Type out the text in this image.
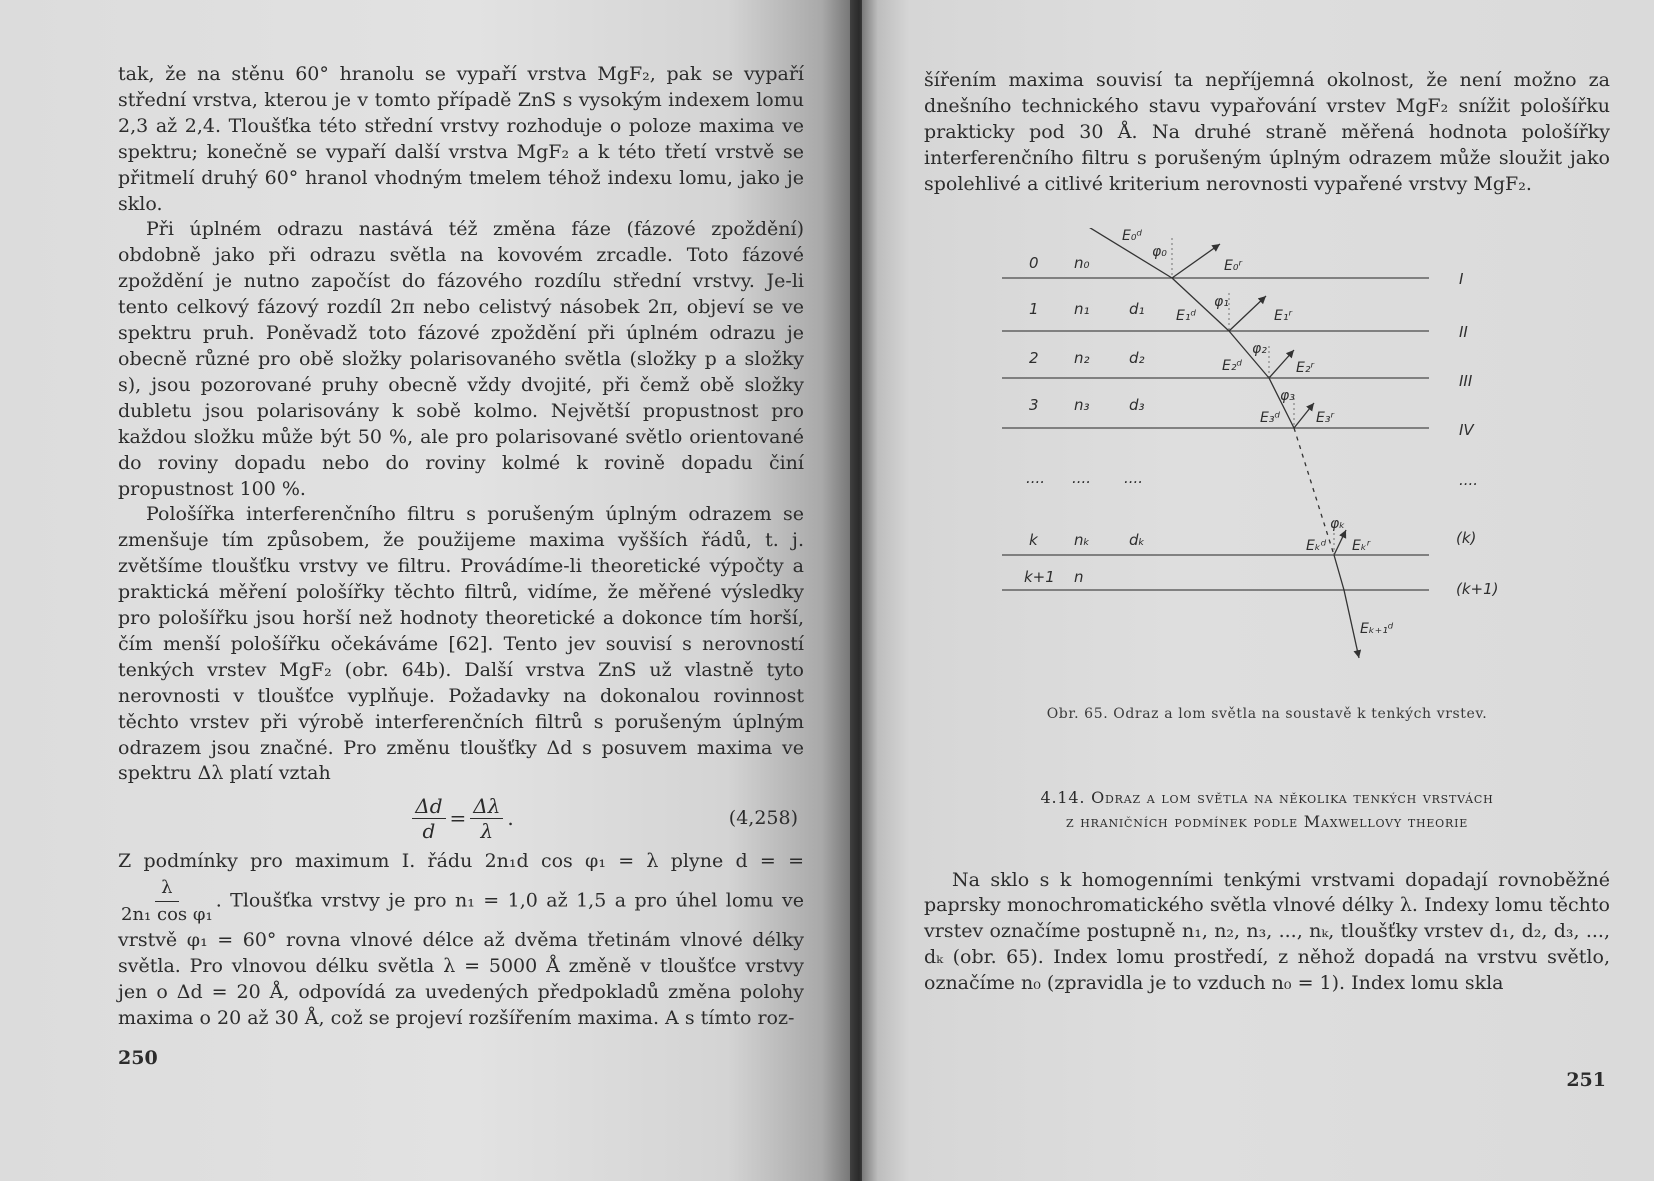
tak, že na stěnu 60° hranolu se vypaří vrstva MgF₂, pak se vypaří střední vrstva, kterou je v tomto případě ZnS s vysokým indexem lomu 2,3 až 2,4. Tloušťka této střední vrstvy rozhoduje o poloze maxima ve spektru; konečně se vypaří další vrstva MgF₂ a k této třetí vrstvě se přitmelí druhý 60° hranol vhodným tmelem téhož indexu lomu, jako je sklo.

Při úplném odrazu nastává též změna fáze (fázové zpoždění) obdobně jako při odrazu světla na kovovém zrcadle. Toto fázové zpoždění je nutno započíst do fázového rozdílu střední vrstvy. Je-li tento celkový fázový rozdíl 2π nebo celistvý násobek 2π, objeví se ve spektru pruh. Poněvadž toto fázové zpoždění při úplném odrazu je obecně různé pro obě složky polarisovaného světla (složky p a složky s), jsou pozorované pruhy obecně vždy dvojité, při čemž obě složky dubletu jsou polarisovány k sobě kolmo. Největší propustnost pro každou složku může být 50 %, ale pro polarisované světlo orientované do roviny dopadu nebo do roviny kolmé k rovině dopadu činí propustnost 100 %.

Pološířka interferenčního filtru s porušeným úplným odrazem se zmenšuje tím způsobem, že použijeme maxima vyšších řádů, t. j. zvětšíme tloušťku vrstvy ve filtru. Provádíme-li theoretické výpočty a praktická měření pološířky těchto filtrů, vidíme, že měřené výsledky pro pološířku jsou horší než hodnoty theoretické a dokonce tím horší, čím menší pološířku očekáváme [62]. Tento jev souvisí s nerovností tenkých vrstev MgF₂ (obr. 64b). Další vrstva ZnS už vlastně tyto nerovnosti v tloušťce vyplňuje. Požadavky na dokonalou rovinnost těchto vrstev při výrobě interferenčních filtrů s porušeným úplným odrazem jsou značné. Pro změnu tloušťky Δd s posuvem maxima ve spektru Δλ platí vztah

$\frac{\Delta d}{d} = \frac{\Delta\lambda}{\lambda}$ .	(4,258)

Z podmínky pro maximum I. řádu 2n₁d cos φ₁ = λ plyne d = =
$\frac{\lambda}{\text{2n₁ cos φ₁}}$ . Tloušťka vrstvy je pro n₁ = 1,0 až 1,5 a pro úhel lomu ve vrstvě φ₁ = 60° rovna vlnové délce až dvěma třetinám vlnové délky světla. Pro vlnovou délku světla λ = 5000 Å změně v tloušťce vrstvy jen o Δd = 20 Å, odpovídá za uvedených předpokladů změna polohy maxima o 20 až 30 Å, což se projeví rozšířením maxima. A s tímto roz-

250

šířením maxima souvisí ta nepříjemná okolnost, že není možno za dnešního technického stavu vypařování vrstev MgF₂ snížit pološířku prakticky pod 30 Å. Na druhé straně měřená hodnota pološířky interferenčního filtru s porušeným úplným odrazem může sloužit jako spolehlivé a citlivé kriterium nerovnosti vypařené vrstvy MgF₂.

0 n₀
1 n₁	d₁
2 n₂	d₂
3 n₃	d₃
.... .... ....
k nₖ	dₖ
k+1 n
I
II
III
IV
....
(k)
(k+1)
E₀ᵈ
φ₀
E₀ʳ
E₁ᵈ
φ₁
E₁ʳ
E₂ᵈ
φ₂
E₂ʳ
E₃ᵈ
φ₃
E₃ʳ
Eₖᵈ
φₖ
Eₖʳ
Eₖ₊₁ᵈ
Obr. 65. Odraz a lom světla na soustavě k tenkých vrstev.
4.14. Odraz a lom světla na několika tenkých vrstvách
z hraničních podmínek podle Maxwellovy theorie

Na sklo s k homogenními tenkými vrstvami dopadají rovnoběžné paprsky monochromatického světla vlnové délky λ. Indexy lomu těchto vrstev označíme postupně n₁, n₂, n₃, ..., nₖ, tloušťky vrstev d₁, d₂, d₃, ..., dₖ (obr. 65). Index lomu prostředí, z něhož dopadá na vrstvu světlo, označíme n₀ (zpravidla je to vzduch n₀ = 1). Index lomu skla

251
